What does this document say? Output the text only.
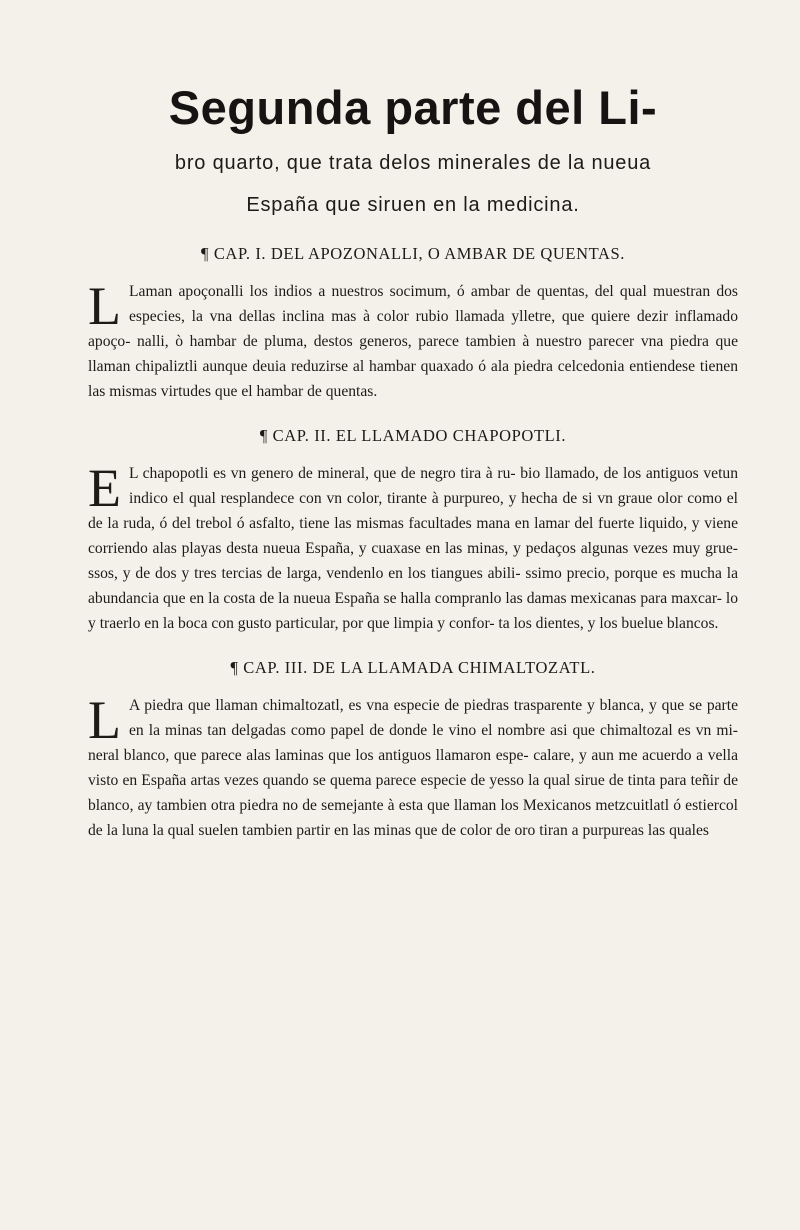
Segunda parte del Li-

bro quarto, que trata delos minerales de la nueua

España que siruen en la medicina.

¶ CAP. I. DEL APOZONALLI, O AMBAR DE QUENTAS.

L Laman apoçonalli los indios a nuestros socimum, ó ambar de quentas, del qual muestran dos especies, la vna dellas inclina mas à color rubio llamada ylletre, que quiere dezir inflamado apoço- nalli, ò hambar de pluma, destos generos, parece tambien à nuestro parecer vna piedra que llaman chipaliztli aunque deuia reduzirse al hambar quaxado ó ala piedra celcedonia entiendese tienen las mismas virtudes que el hambar de quentas.

¶ CAP. II. EL LLAMADO CHAPOPOTLI.

E L chapopotli es vn genero de mineral, que de negro tira à ru- bio llamado, de los antiguos vetun indico el qual resplandece con vn color, tirante à purpureo, y hecha de si vn graue olor como el de la ruda, ó del trebol ó asfalto, tiene las mismas facultades mana en lamar del fuerte liquido, y viene corriendo alas playas desta nueua España, y cuaxase en las minas, y pedaços algunas vezes muy grue- ssos, y de dos y tres tercias de larga, vendenlo en los tiangues abili- ssimo precio, porque es mucha la abundancia que en la costa de la nueua España se halla compranlo las damas mexicanas para maxcar- lo y traerlo en la boca con gusto particular, por que limpia y confor- ta los dientes, y los buelue blancos.

¶ CAP. III. DE LA LLAMADA CHIMALTOZATL.

L A piedra que llaman chimaltozatl, es vna especie de piedras trasparente y blanca, y que se parte en la minas tan delgadas como papel de donde le vino el nombre asi que chimaltozal es vn mi- neral blanco, que parece alas laminas que los antiguos llamaron espe- calare, y aun me acuerdo a vella visto en España artas vezes quando se quema parece especie de yesso la qual sirue de tinta para teñir de blanco, ay tambien otra piedra no de semejante à esta que llaman los Mexicanos metzcuitlatl ó estiercol de la luna la qual suelen tambien partir en las minas que de color de oro tiran a purpureas las quales
